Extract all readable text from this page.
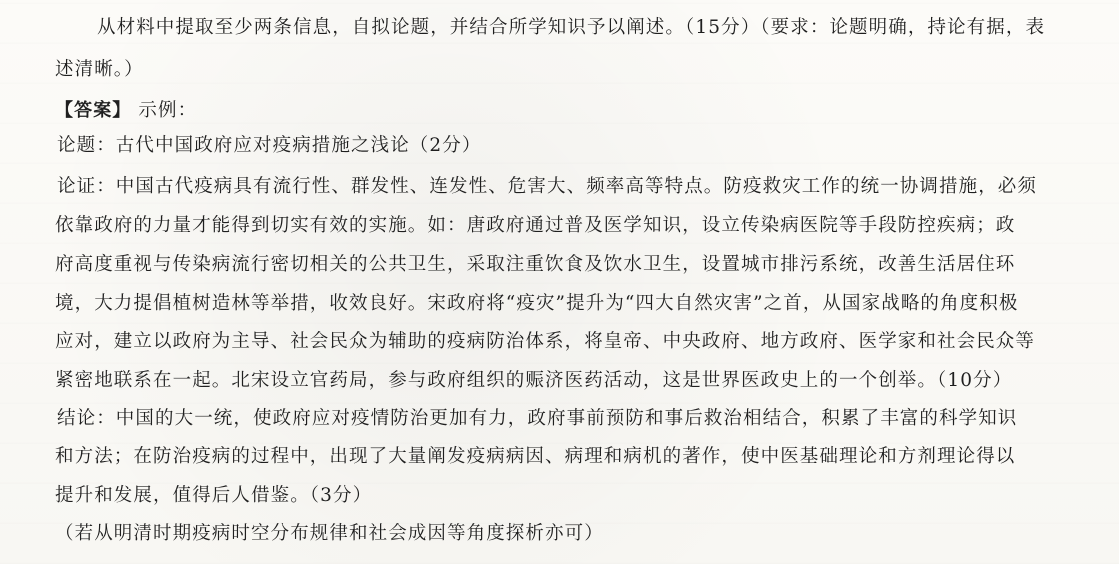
从材料中提取至少两条信息，自拟论题，并结合所学知识予以阐述。（15分）（要求：论题明确，持论有据，表

述清晰。）

【答案】 示例：

论题：古代中国政府应对疫病措施之浅论（2分）

论证：中国古代疫病具有流行性、群发性、连发性、危害大、频率高等特点。防疫救灾工作的统一协调措施，必须

依靠政府的力量才能得到切实有效的实施。如：唐政府通过普及医学知识，设立传染病医院等手段防控疾病；政

府高度重视与传染病流行密切相关的公共卫生，采取注重饮食及饮水卫生，设置城市排污系统，改善生活居住环

境，大力提倡植树造林等举措，收效良好。宋政府将“疫灾”提升为“四大自然灾害”之首，从国家战略的角度积极

应对，建立以政府为主导、社会民众为辅助的疫病防治体系，将皇帝、中央政府、地方政府、医学家和社会民众等

紧密地联系在一起。北宋设立官药局，参与政府组织的赈济医药活动，这是世界医政史上的一个创举。（10分）

结论：中国的大一统，使政府应对疫情防治更加有力，政府事前预防和事后救治相结合，积累了丰富的科学知识

和方法；在防治疫病的过程中，出现了大量阐发疫病病因、病理和病机的著作，使中医基础理论和方剂理论得以

提升和发展，值得后人借鉴。（3分）

（若从明清时期疫病时空分布规律和社会成因等角度探析亦可）
